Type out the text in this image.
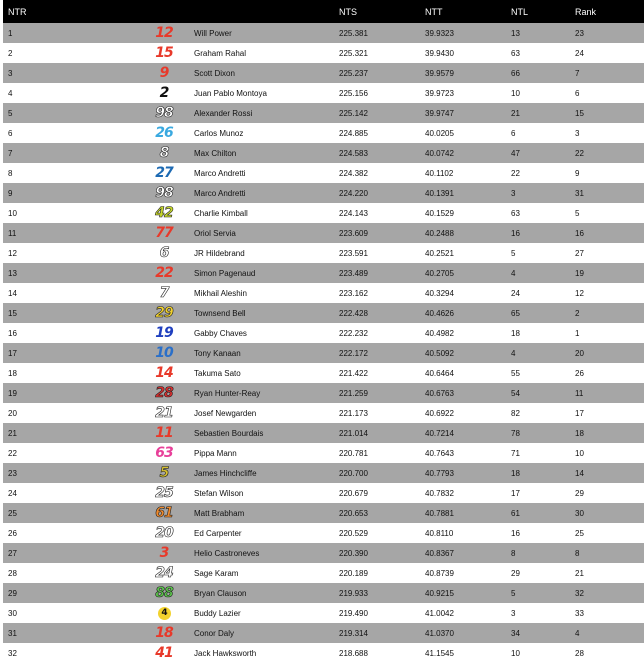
NTR			NTS	NTT	NTL	Rank
1	12	Will Power	225.381	39.9323	13	23
2	15	Graham Rahal	225.321	39.9430	63	24
3	9	Scott Dixon	225.237	39.9579	66	7
4	2	Juan Pablo Montoya	225.156	39.9723	10	6
5	98	Alexander Rossi	225.142	39.9747	21	15
6	26	Carlos Munoz	224.885	40.0205	6	3
7	8	Max Chilton	224.583	40.0742	47	22
8	27	Marco Andretti	224.382	40.1102	22	9
9	98	Marco Andretti	224.220	40.1391	3	31
10	42	Charlie Kimball	224.143	40.1529	63	5
11	77	Oriol Servia	223.609	40.2488	16	16
12	6	JR Hildebrand	223.591	40.2521	5	27
13	22	Simon Pagenaud	223.489	40.2705	4	19
14	7	Mikhail Aleshin	223.162	40.3294	24	12
15	29	Townsend Bell	222.428	40.4626	65	2
16	19	Gabby Chaves	222.232	40.4982	18	1
17	10	Tony Kanaan	222.172	40.5092	4	20
18	14	Takuma Sato	221.422	40.6464	55	26
19	28	Ryan Hunter-Reay	221.259	40.6763	54	11
20	21	Josef Newgarden	221.173	40.6922	82	17
21	11	Sebastien Bourdais	221.014	40.7214	78	18
22	63	Pippa Mann	220.781	40.7643	71	10
23	5	James Hinchcliffe	220.700	40.7793	18	14
24	25	Stefan Wilson	220.679	40.7832	17	29
25	61	Matt Brabham	220.653	40.7881	61	30
26	20	Ed Carpenter	220.529	40.8110	16	25
27	3	Helio Castroneves	220.390	40.8367	8	8
28	24	Sage Karam	220.189	40.8739	29	21
29	88	Bryan Clauson	219.933	40.9215	5	32
30	4	Buddy Lazier	219.490	41.0042	3	33
31	18	Conor Daly	219.314	41.0370	34	4
32	41	Jack Hawksworth	218.688	41.1545	10	28
